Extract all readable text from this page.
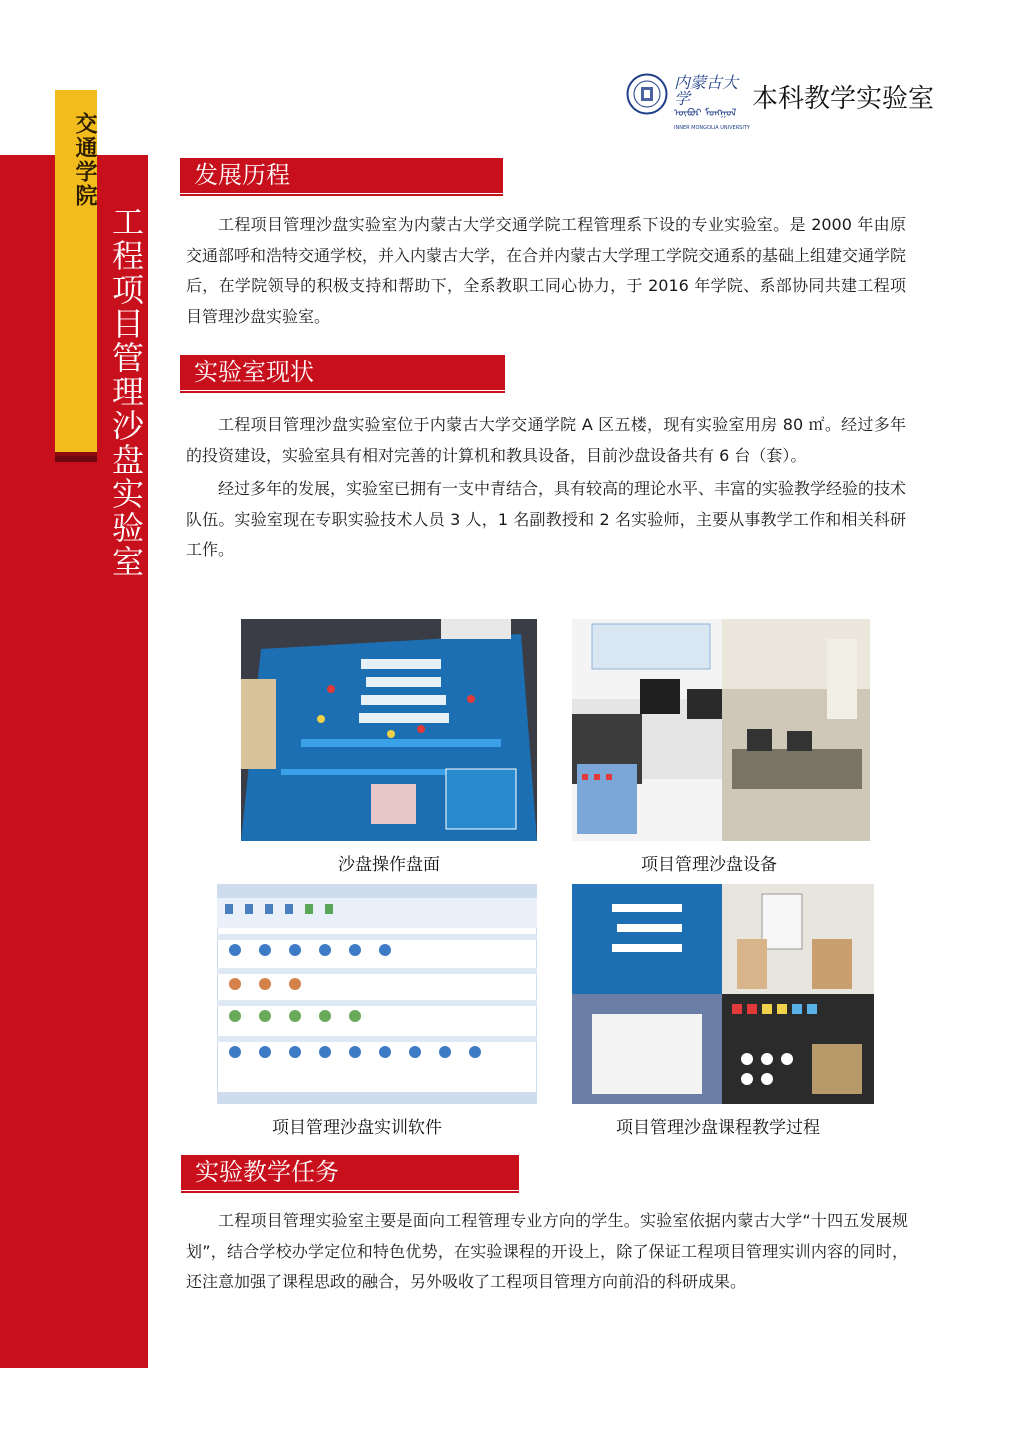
交通学院
工程项目管理沙盘实验室
内蒙古大学
ᠦᠪᠦᠷ ᠮᠣᠩᠭᠣᠯ
INNER MONGOLIA UNIVERSITY
本科教学实验室
发展历程

工程项目管理沙盘实验室为内蒙古大学交通学院工程管理系下设的专业实验室。是 2000 年由原交通部呼和浩特交通学校，并入内蒙古大学，在合并内蒙古大学理工学院交通系的基础上组建交通学院后，在学院领导的积极支持和帮助下，全系教职工同心协力，于 2016 年学院、系部协同共建工程项目管理沙盘实验室。

实验室现状

工程项目管理沙盘实验室位于内蒙古大学交通学院 A 区五楼，现有实验室用房 80 ㎡。经过多年的投资建设，实验室具有相对完善的计算机和教具设备，目前沙盘设备共有 6 台（套）。

经过多年的发展，实验室已拥有一支中青结合，具有较高的理论水平、丰富的实验教学经验的技术队伍。实验室现在专职实验技术人员 3 人，1 名副教授和 2 名实验师，主要从事教学工作和相关科研工作。

沙盘操作盘面	项目管理沙盘设备
项目管理沙盘实训软件	项目管理沙盘课程教学过程
实验教学任务

工程项目管理实验室主要是面向工程管理专业方向的学生。实验室依据内蒙古大学“十四五发展规划”，结合学校办学定位和特色优势，在实验课程的开设上，除了保证工程项目管理实训内容的同时，还注意加强了课程思政的融合，另外吸收了工程项目管理方向前沿的科研成果。
